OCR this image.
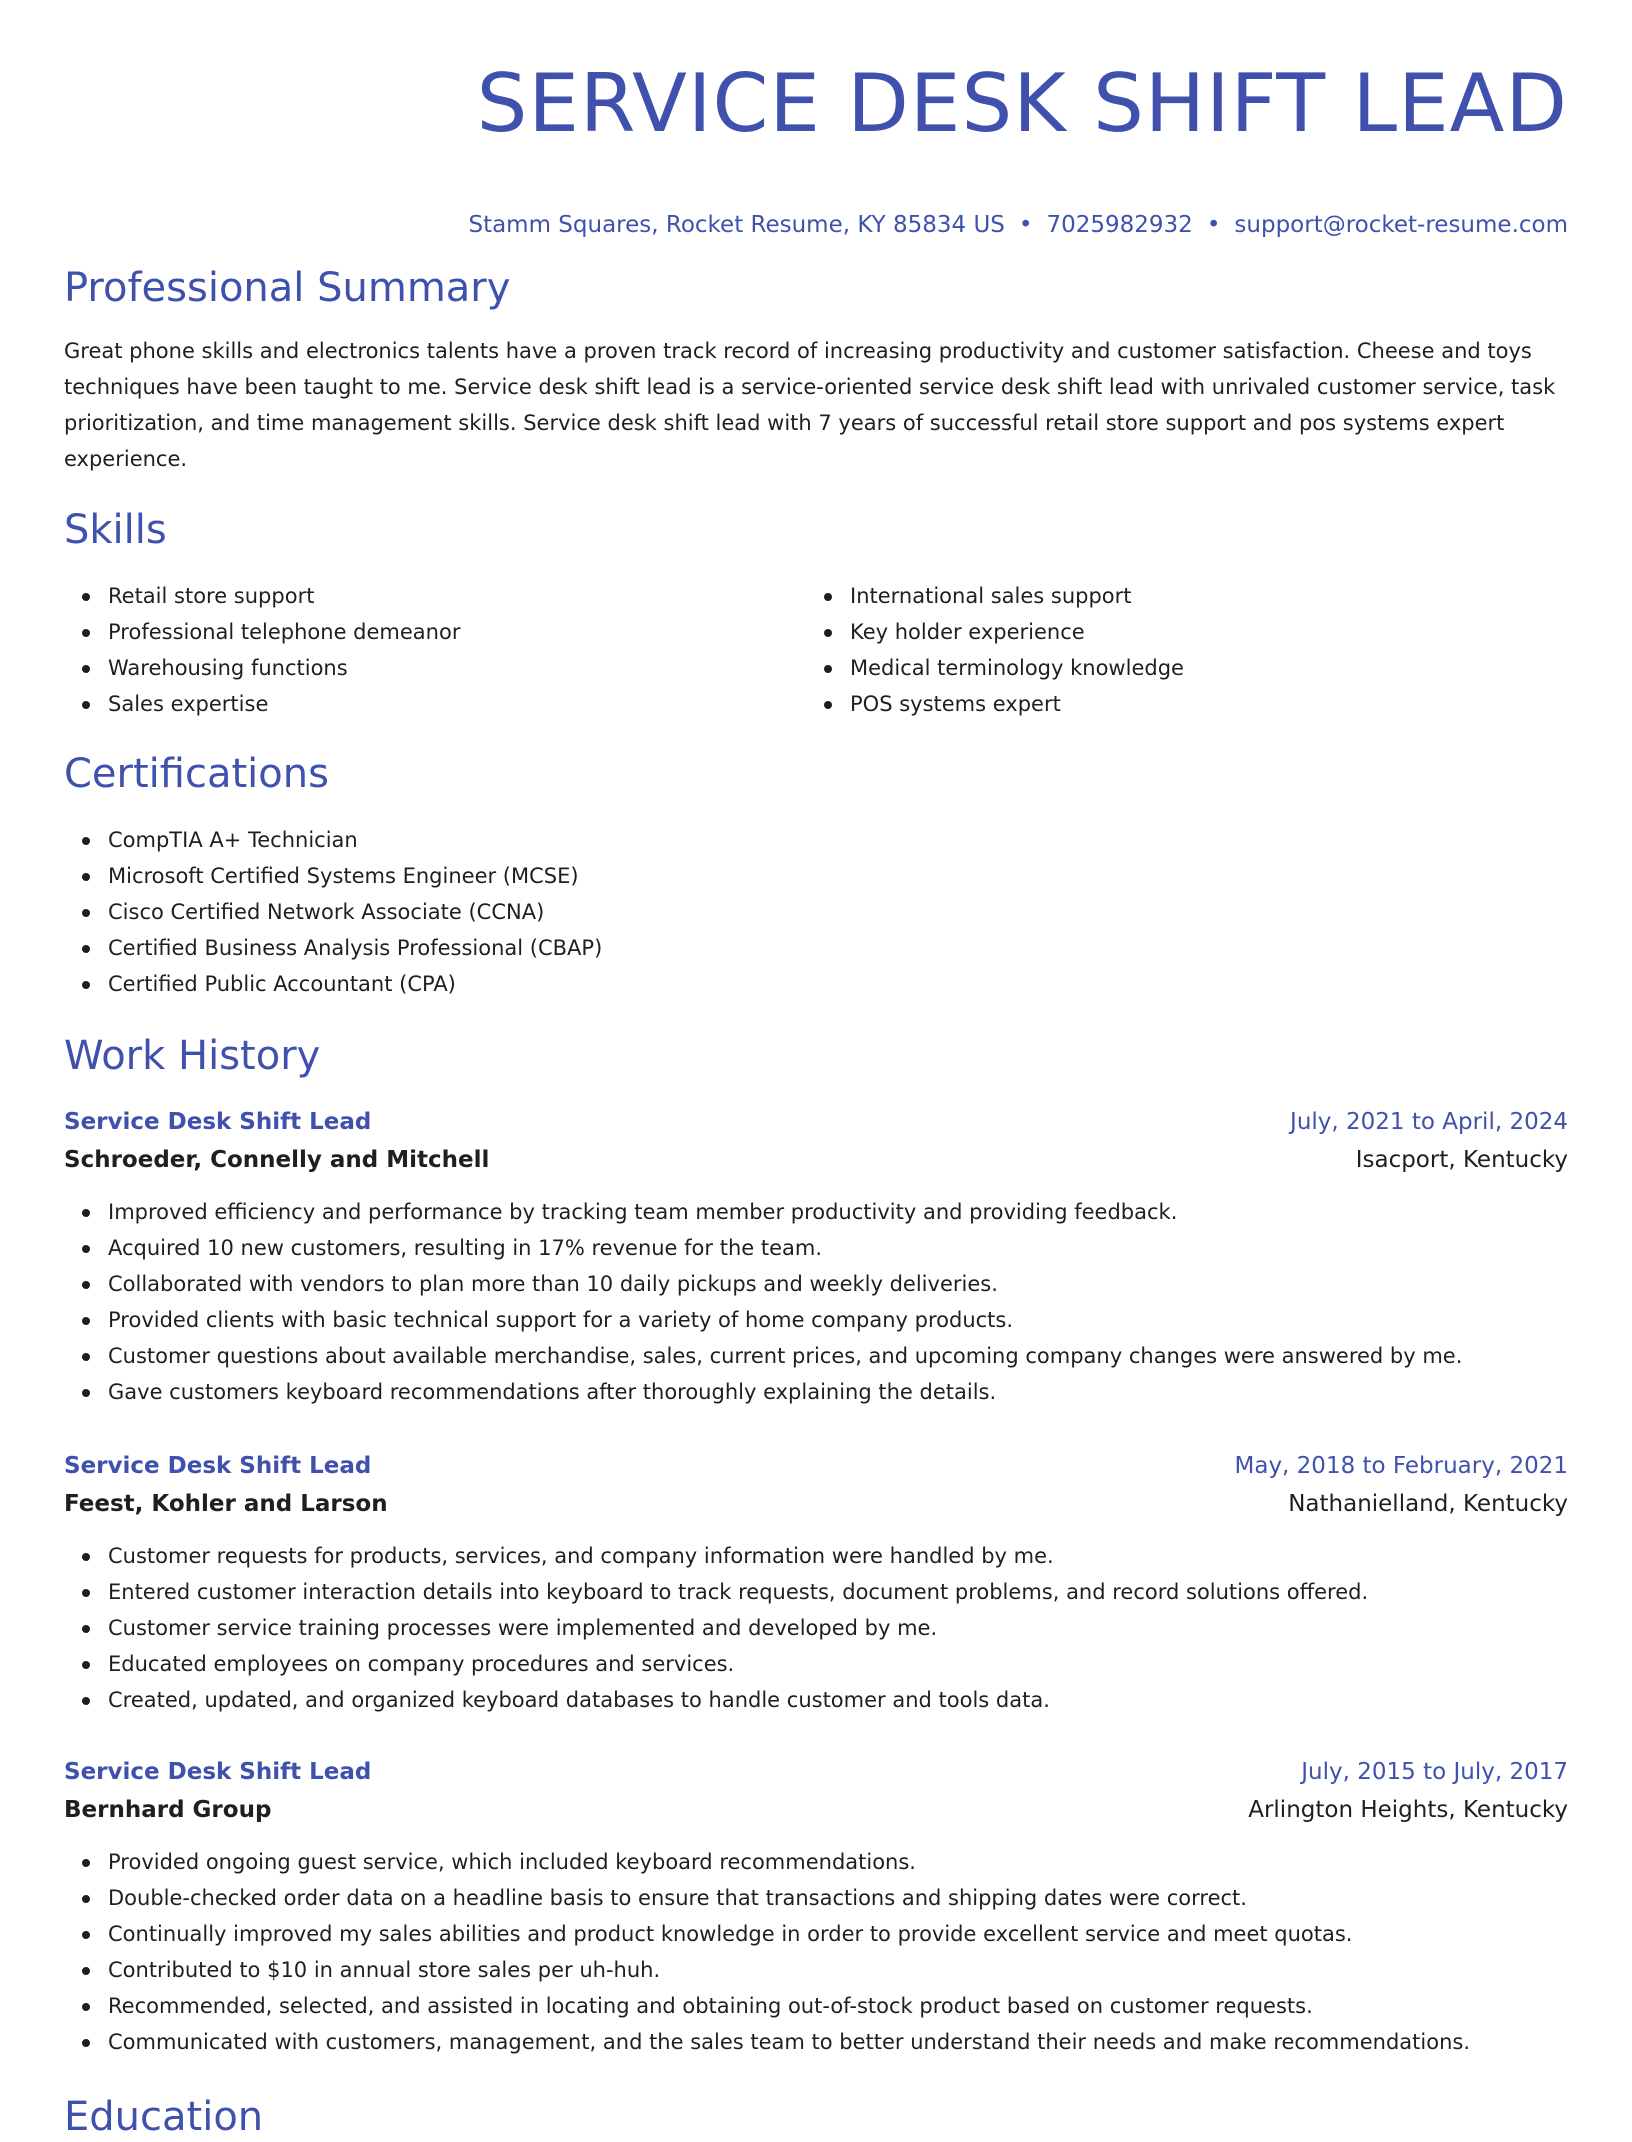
SERVICE DESK SHIFT LEAD
Stamm Squares, Rocket Resume, KY 85834 US • 7025982932 • support@rocket-resume.com
Professional Summary

Great phone skills and electronics talents have a proven track record of increasing productivity and customer satisfaction. Cheese and toys techniques have been taught to me. Service desk shift lead is a service-oriented service desk shift lead with unrivaled customer service, task prioritization, and time management skills. Service desk shift lead with 7 years of successful retail store support and pos systems expert experience.

Skills
Retail store support
Professional telephone demeanor
Warehousing functions
Sales expertise
International sales support
Key holder experience
Medical terminology knowledge
POS systems expert
Certifications
CompTIA A+ Technician
Microsoft Certified Systems Engineer (MCSE)
Cisco Certified Network Associate (CCNA)
Certified Business Analysis Professional (CBAP)
Certified Public Accountant (CPA)
Work History
Service Desk Shift Lead	July, 2021 to April, 2024
Schroeder, Connelly and Mitchell	Isacport, Kentucky
Improved efficiency and performance by tracking team member productivity and providing feedback.
Acquired 10 new customers, resulting in 17% revenue for the team.
Collaborated with vendors to plan more than 10 daily pickups and weekly deliveries.
Provided clients with basic technical support for a variety of home company products.
Customer questions about available merchandise, sales, current prices, and upcoming company changes were answered by me.
Gave customers keyboard recommendations after thoroughly explaining the details.
Service Desk Shift Lead	May, 2018 to February, 2021
Feest, Kohler and Larson	Nathanielland, Kentucky
Customer requests for products, services, and company information were handled by me.
Entered customer interaction details into keyboard to track requests, document problems, and record solutions offered.
Customer service training processes were implemented and developed by me.
Educated employees on company procedures and services.
Created, updated, and organized keyboard databases to handle customer and tools data.
Service Desk Shift Lead	July, 2015 to July, 2017
Bernhard Group	Arlington Heights, Kentucky
Provided ongoing guest service, which included keyboard recommendations.
Double-checked order data on a headline basis to ensure that transactions and shipping dates were correct.
Continually improved my sales abilities and product knowledge in order to provide excellent service and meet quotas.
Contributed to $10 in annual store sales per uh-huh.
Recommended, selected, and assisted in locating and obtaining out-of-stock product based on customer requests.
Communicated with customers, management, and the sales team to better understand their needs and make recommendations.
Education
